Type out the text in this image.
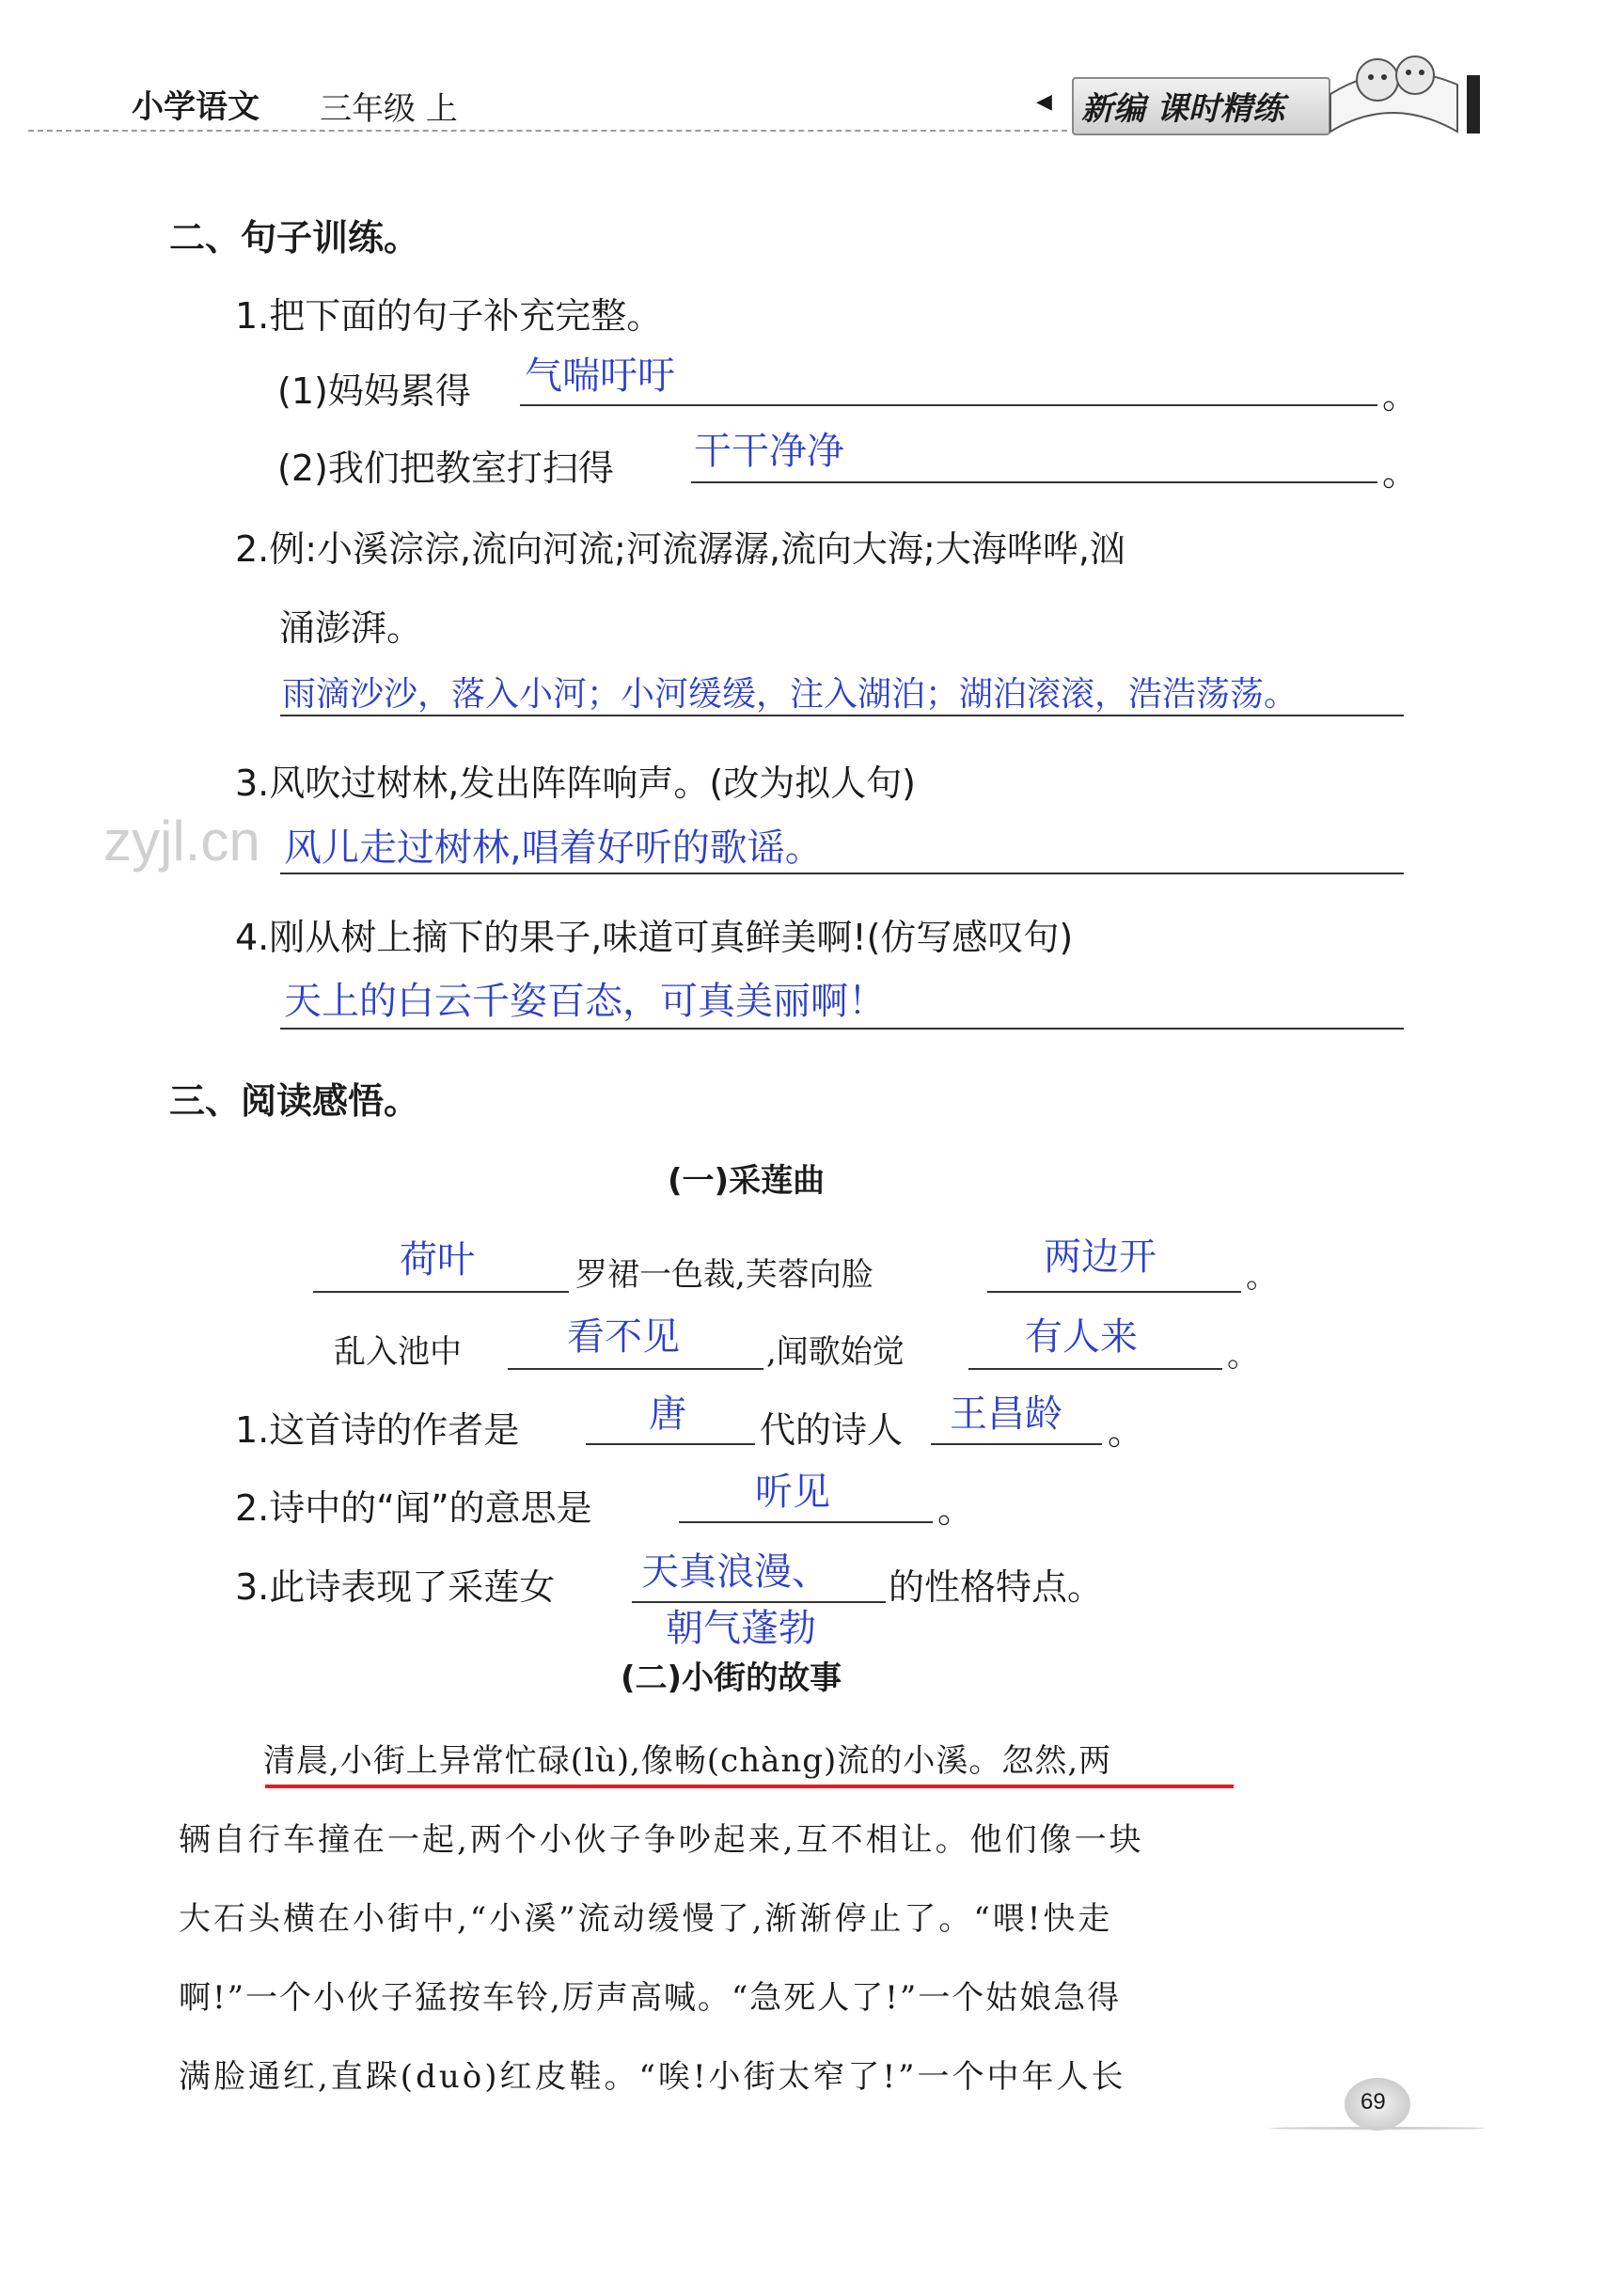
小学语文 三年级 上	◀ 新编 课时精练
二、句子训练。
1.把下面的句子补充完整。
(1)妈妈累得 气喘吁吁	。
(2)我们把教室打扫得 干干净净	。
2.例:小溪淙淙,流向河流;河流潺潺,流向大海;大海哗哗,汹
涌澎湃。
雨滴沙沙，落入小河；小河缓缓，注入湖泊；湖泊滚滚，浩浩荡荡。
3.风吹过树林,发出阵阵响声。(改为拟人句)
zyjl.cn 风儿走过树林,唱着好听的歌谣。
4.刚从树上摘下的果子,味道可真鲜美啊!(仿写感叹句)
天上的白云千姿百态，可真美丽啊！
三、阅读感悟。
(一)采莲曲
荷叶	罗裙一色裁,芙蓉向脸	两边开	。
乱入池中	看不见	,闻歌始觉	有人来	。
1.这首诗的作者是	唐 代的诗人 王昌龄 。
2.诗中的“闻”的意思是	听见	。
3.此诗表现了采莲女 天真浪漫、 的性格特点。
朝气蓬勃
(二)小街的故事
清晨,小街上异常忙碌(lù),像畅(chàng)流的小溪。忽然,两
辆自行车撞在一起,两个小伙子争吵起来,互不相让。他们像一块
大石头横在小街中,“小溪”流动缓慢了,渐渐停止了。“喂!快走
啊!”一个小伙子猛按车铃,厉声高喊。“急死人了!”一个姑娘急得
满脸通红,直跺(duò)红皮鞋。“唉!小街太窄了!”一个中年人长
69
